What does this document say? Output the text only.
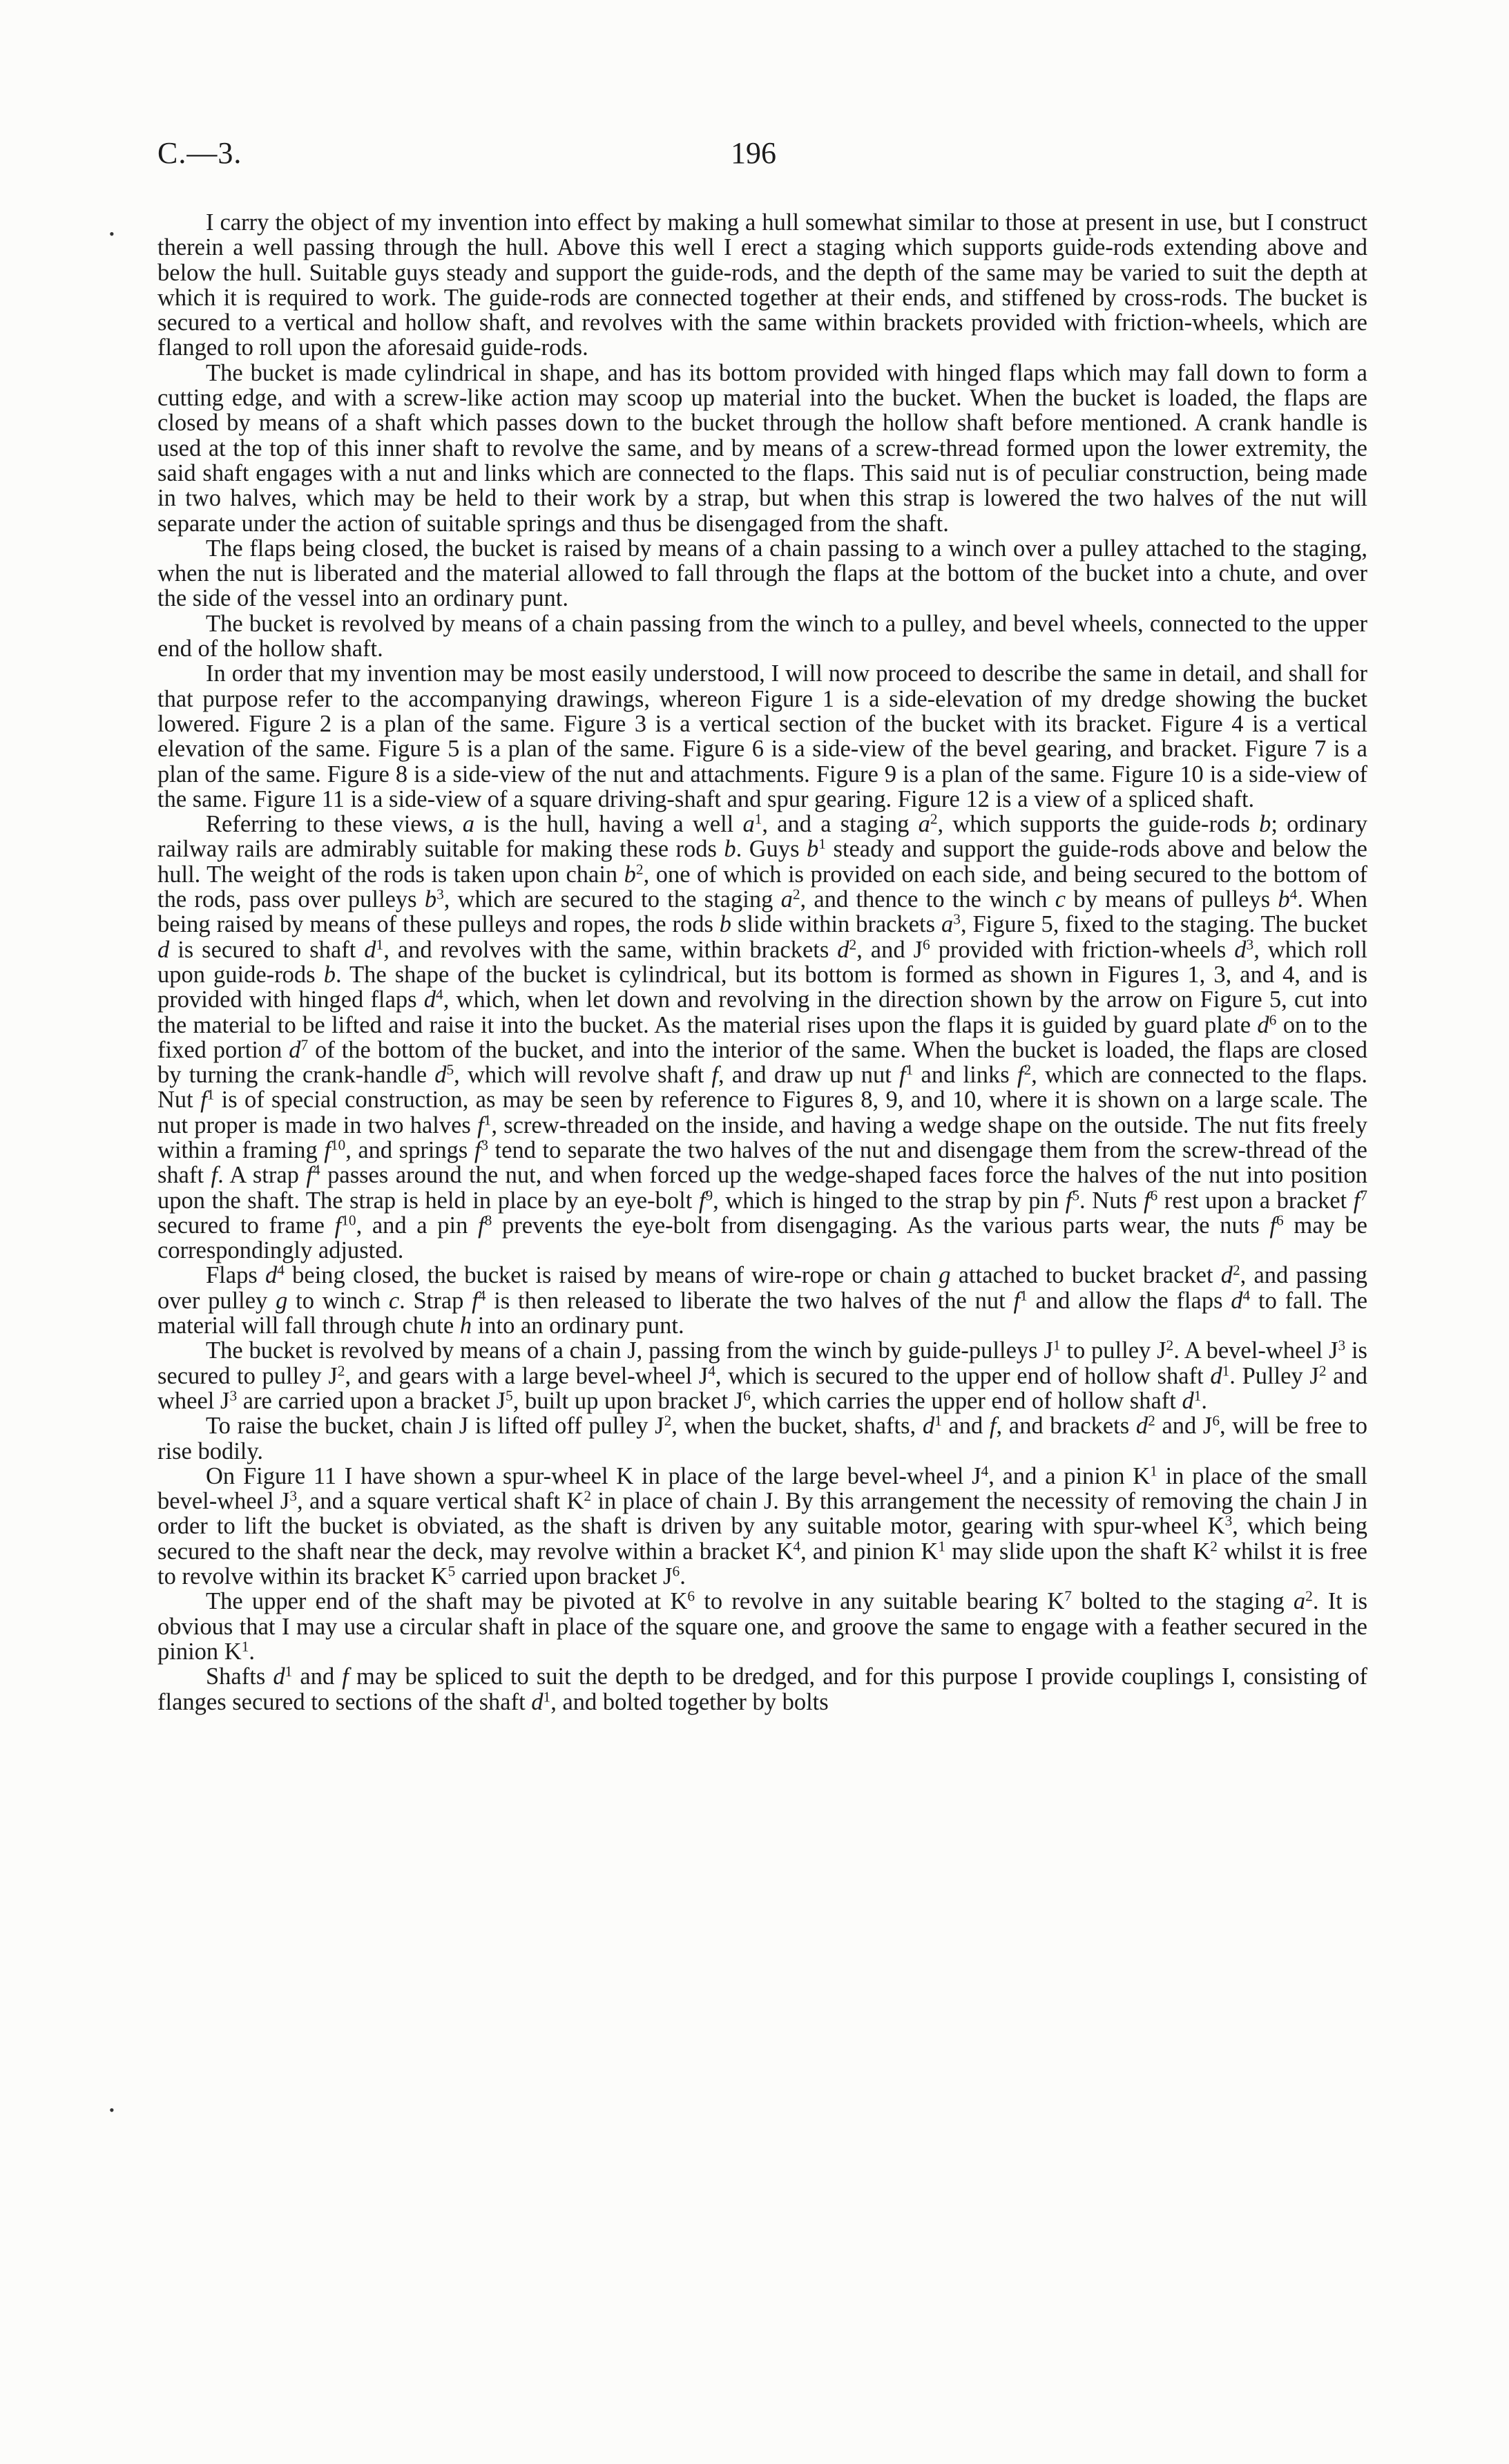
C.—3.	196
•
•

I carry the object of my invention into effect by making a hull somewhat similar to those at present in use, but I construct therein a well passing through the hull. Above this well I erect a staging which supports guide-rods extending above and below the hull. Suitable guys steady and support the guide-rods, and the depth of the same may be varied to suit the depth at which it is required to work. The guide-rods are connected together at their ends, and stiffened by cross-rods. The bucket is secured to a vertical and hollow shaft, and revolves with the same within brackets provided with friction-wheels, which are flanged to roll upon the aforesaid guide-rods.

The bucket is made cylindrical in shape, and has its bottom provided with hinged flaps which may fall down to form a cutting edge, and with a screw-like action may scoop up material into the bucket. When the bucket is loaded, the flaps are closed by means of a shaft which passes down to the bucket through the hollow shaft before mentioned. A crank handle is used at the top of this inner shaft to revolve the same, and by means of a screw-thread formed upon the lower extremity, the said shaft engages with a nut and links which are connected to the flaps. This said nut is of peculiar construction, being made in two halves, which may be held to their work by a strap, but when this strap is lowered the two halves of the nut will separate under the action of suitable springs and thus be disengaged from the shaft.

The flaps being closed, the bucket is raised by means of a chain passing to a winch over a pulley attached to the staging, when the nut is liberated and the material allowed to fall through the flaps at the bottom of the bucket into a chute, and over the side of the vessel into an ordinary punt.

The bucket is revolved by means of a chain passing from the winch to a pulley, and bevel wheels, connected to the upper end of the hollow shaft.

In order that my invention may be most easily understood, I will now proceed to describe the same in detail, and shall for that purpose refer to the accompanying drawings, whereon Figure 1 is a side-elevation of my dredge showing the bucket lowered. Figure 2 is a plan of the same. Figure 3 is a vertical section of the bucket with its bracket. Figure 4 is a vertical elevation of the same. Figure 5 is a plan of the same. Figure 6 is a side-view of the bevel gearing, and bracket. Figure 7 is a plan of the same. Figure 8 is a side-view of the nut and attachments. Figure 9 is a plan of the same. Figure 10 is a side-view of the same. Figure 11 is a side-view of a square driving-shaft and spur gearing. Figure 12 is a view of a spliced shaft.

Referring to these views, a is the hull, having a well $a^1$, and a staging $a^2$, which supports the guide-rods b; ordinary railway rails are admirably suitable for making these rods b. Guys $b^1$ steady and support the guide-rods above and below the hull. The weight of the rods is taken upon chain $b^2$, one of which is provided on each side, and being secured to the bottom of the rods, pass over pulleys $b^3$, which are secured to the staging $a^2$, and thence to the winch c by means of pulleys $b^4$. When being raised by means of these pulleys and ropes, the rods b slide within brackets $a^3$, Figure 5, fixed to the staging. The bucket d is secured to shaft $d^1$, and revolves with the same, within brackets $d^2$, and $J^6$ provided with friction-wheels $d^3$, which roll upon guide-rods b. The shape of the bucket is cylindrical, but its bottom is formed as shown in Figures 1, 3, and 4, and is provided with hinged flaps $d^4$, which, when let down and revolving in the direction shown by the arrow on Figure 5, cut into the material to be lifted and raise it into the bucket. As the material rises upon the flaps it is guided by guard plate $d^6$ on to the fixed portion $d^7$ of the bottom of the bucket, and into the interior of the same. When the bucket is loaded, the flaps are closed by turning the crank-handle $d^5$, which will revolve shaft f, and draw up nut $f^1$ and links $f^2$, which are connected to the flaps. Nut $f^1$ is of special construction, as may be seen by reference to Figures 8, 9, and 10, where it is shown on a large scale. The nut proper is made in two halves $f^1$, screw-threaded on the inside, and having a wedge shape on the outside. The nut fits freely within a framing $f^{10}$, and springs $f^3$ tend to separate the two halves of the nut and disengage them from the screw-thread of the shaft f. A strap $f^4$ passes around the nut, and when forced up the wedge-shaped faces force the halves of the nut into position upon the shaft. The strap is held in place by an eye-bolt $f^9$, which is hinged to the strap by pin $f^5$. Nuts $f^6$ rest upon a bracket $f^7$ secured to frame $f^{10}$, and a pin $f^8$ prevents the eye-bolt from disengaging. As the various parts wear, the nuts $f^6$ may be correspondingly adjusted.

Flaps $d^4$ being closed, the bucket is raised by means of wire-rope or chain g attached to bucket bracket $d^2$, and passing over pulley g to winch c. Strap $f^4$ is then released to liberate the two halves of the nut $f^1$ and allow the flaps $d^4$ to fall. The material will fall through chute h into an ordinary punt.

The bucket is revolved by means of a chain J, passing from the winch by guide-pulleys $J^1$ to pulley $J^2$. A bevel-wheel $J^3$ is secured to pulley $J^2$, and gears with a large bevel-wheel $J^4$, which is secured to the upper end of hollow shaft $d^1$. Pulley $J^2$ and wheel $J^3$ are carried upon a bracket $J^5$, built up upon bracket $J^6$, which carries the upper end of hollow shaft $d^1$.

To raise the bucket, chain J is lifted off pulley $J^2$, when the bucket, shafts, $d^1$ and f, and brackets $d^2$ and $J^6$, will be free to rise bodily.

On Figure 11 I have shown a spur-wheel K in place of the large bevel-wheel $J^4$, and a pinion $K^1$ in place of the small bevel-wheel $J^3$, and a square vertical shaft $K^2$ in place of chain J. By this arrangement the necessity of removing the chain J in order to lift the bucket is obviated, as the shaft is driven by any suitable motor, gearing with spur-wheel $K^3$, which being secured to the shaft near the deck, may revolve within a bracket $K^4$, and pinion $K^1$ may slide upon the shaft $K^2$ whilst it is free to revolve within its bracket $K^5$ carried upon bracket $J^6$.

The upper end of the shaft may be pivoted at $K^6$ to revolve in any suitable bearing $K^7$ bolted to the staging $a^2$. It is obvious that I may use a circular shaft in place of the square one, and groove the same to engage with a feather secured in the pinion $K^1$.

Shafts $d^1$ and f may be spliced to suit the depth to be dredged, and for this purpose I provide couplings I, consisting of flanges secured to sections of the shaft $d^1$, and bolted together by bolts
